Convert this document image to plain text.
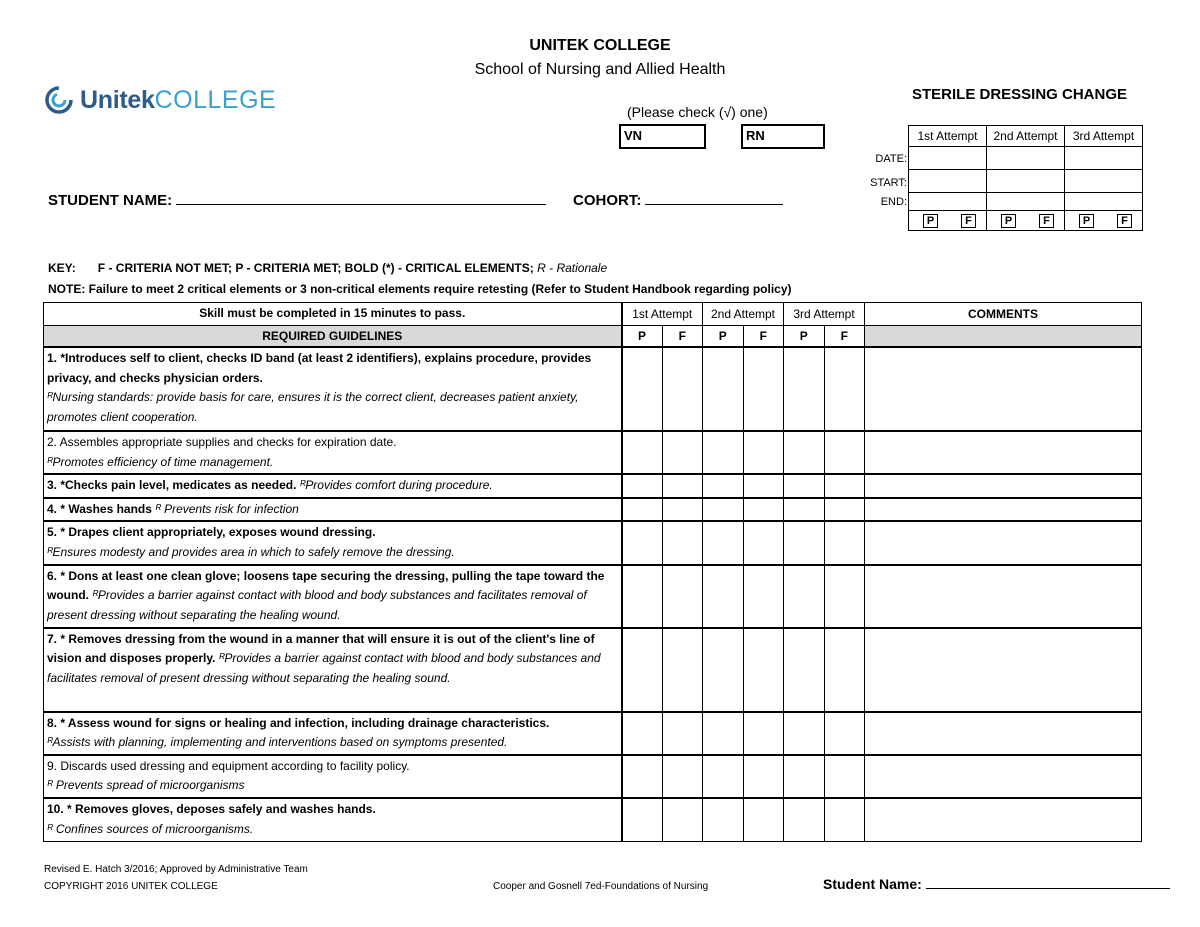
UNITEK COLLEGE
School of Nursing and Allied Health
Unitek COLLEGE	STERILE DRESSING CHANGE
(Please check (√) one)
VN	RN
DATE:
START:
END:
1st Attempt	2nd Attempt	3rd Attempt

P F	P F	P F
STUDENT NAME:	COHORT:
KEY: F - CRITERIA NOT MET; P - CRITERIA MET; BOLD (*) - CRITICAL ELEMENTS; R - Rationale
NOTE: Failure to meet 2 critical elements or 3 non-critical elements require retesting (Refer to Student Handbook regarding policy)
Skill must be completed in 15 minutes to pass.	1st Attempt		2nd Attempt		3rd Attempt		COMMENTS
REQUIRED GUIDELINES	P	F	P	F	P	F	
1. *Introduces self to client, checks ID band (at least 2 identifiers), explains procedure, provides privacy, and checks physician orders.
ᴿNursing standards: provide basis for care, ensures it is the correct client, decreases patient anxiety, promotes client cooperation.							
2. Assembles appropriate supplies and checks for expiration date.
ᴿPromotes efficiency of time management.							
3. *Checks pain level, medicates as needed. ᴿProvides comfort during procedure.							
4. * Washes hands ᴿ Prevents risk for infection							
5. * Drapes client appropriately, exposes wound dressing.
ᴿEnsures modesty and provides area in which to safely remove the dressing.							
6. * Dons at least one clean glove; loosens tape securing the dressing, pulling the tape toward the wound. ᴿProvides a barrier against contact with blood and body substances and facilitates removal of present dressing without separating the healing wound.							
7. * Removes dressing from the wound in a manner that will ensure it is out of the client's line of vision and disposes properly. ᴿProvides a barrier against contact with blood and body substances and facilitates removal of present dressing without separating the healing sound.							
8. * Assess wound for signs or healing and infection, including drainage characteristics.
ᴿAssists with planning, implementing and interventions based on symptoms presented.							
9. Discards used dressing and equipment according to facility policy.
ᴿ Prevents spread of microorganisms							
10. * Removes gloves, deposes safely and washes hands.
ᴿ Confines sources of microorganisms.							
Revised E. Hatch 3/2016; Approved by Administrative Team
COPYRIGHT 2016 UNITEK COLLEGE	Cooper and Gosnell 7ed-Foundations of Nursing	Student Name:
